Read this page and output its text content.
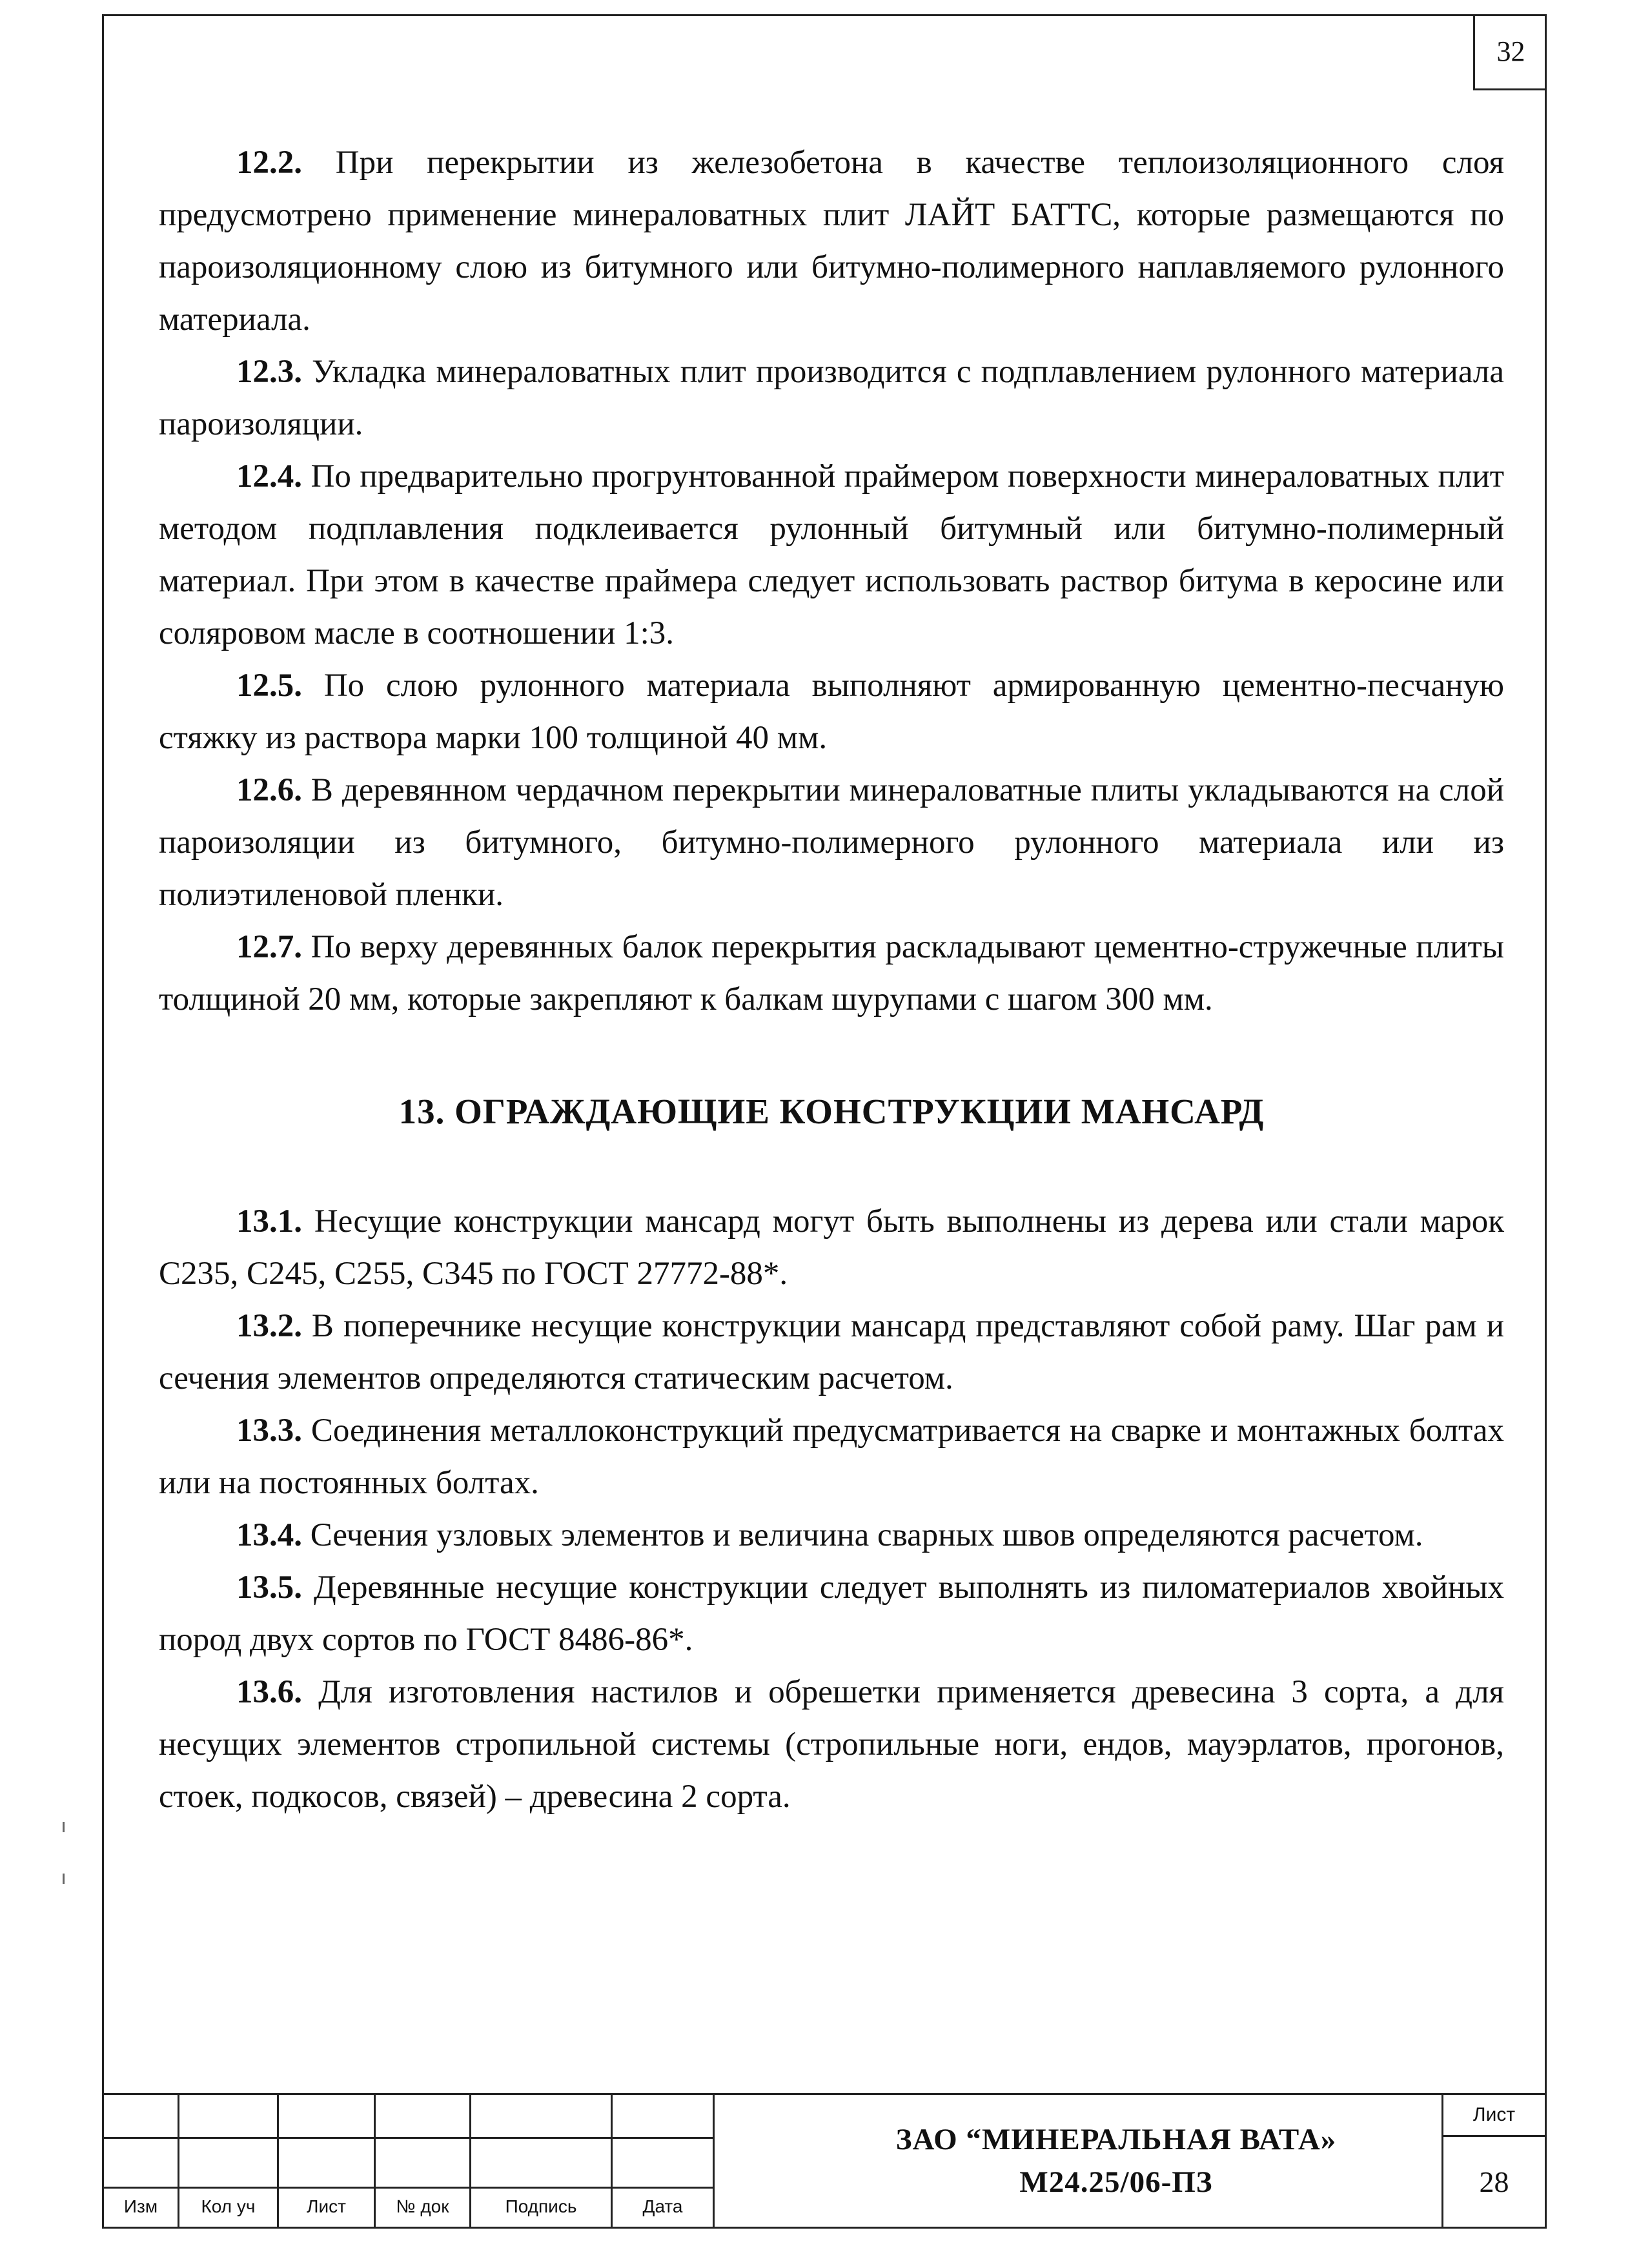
32

12.2. При перекрытии из железобетона в качестве теплоизоляционного слоя предусмотрено применение минераловатных плит ЛАЙТ БАТТС, которые размещаются по пароизоляционному слою из битумного или битумно-полимерного наплавляемого рулонного материала.

12.3. Укладка минераловатных плит производится с подплавлением рулонного материала пароизоляции.

12.4. По предварительно прогрунтованной праймером поверхности минераловатных плит методом подплавления подклеивается рулонный битумный или битумно-полимерный материал. При этом в качестве праймера следует использовать раствор битума в керосине или соляровом масле в соотношении 1:3.

12.5. По слою рулонного материала выполняют армированную цементно-песчаную стяжку из раствора марки 100 толщиной 40 мм.

12.6. В деревянном чердачном перекрытии минераловатные плиты укладываются на слой пароизоляции из битумного, битумно-полимерного рулонного материала или из полиэтиленовой пленки.

12.7. По верху деревянных балок перекрытия раскладывают цементно-стружечные плиты толщиной 20 мм, которые закрепляют к балкам шурупами с шагом 300 мм.

13. ОГРАЖДАЮЩИЕ КОНСТРУКЦИИ МАНСАРД

13.1. Несущие конструкции мансард могут быть выполнены из дерева или стали марок С235, С245, С255, С345 по ГОСТ 27772-88*.

13.2. В поперечнике несущие конструкции мансард представляют собой раму. Шаг рам и сечения элементов определяются статическим расчетом.

13.3. Соединения металлоконструкций предусматривается на сварке и монтажных болтах или на постоянных болтах.

13.4. Сечения узловых элементов и величина сварных швов определяются расчетом.

13.5. Деревянные несущие конструкции следует выполнять из пиломатериалов хвойных пород двух сортов по ГОСТ 8486-86*.

13.6. Для изготовления настилов и обрешетки применяется древесина 3 сорта, а для несущих элементов стропильной системы (стропильные ноги, ендов, мауэрлатов, прогонов, стоек, подкосов, связей) – древесина 2 сорта.

Изм	Кол уч	Лист	№ док	Подпись	Дата
ЗАО “МИНЕРАЛЬНАЯ ВАТА»
М24.25/06-ПЗ
Лист
28
